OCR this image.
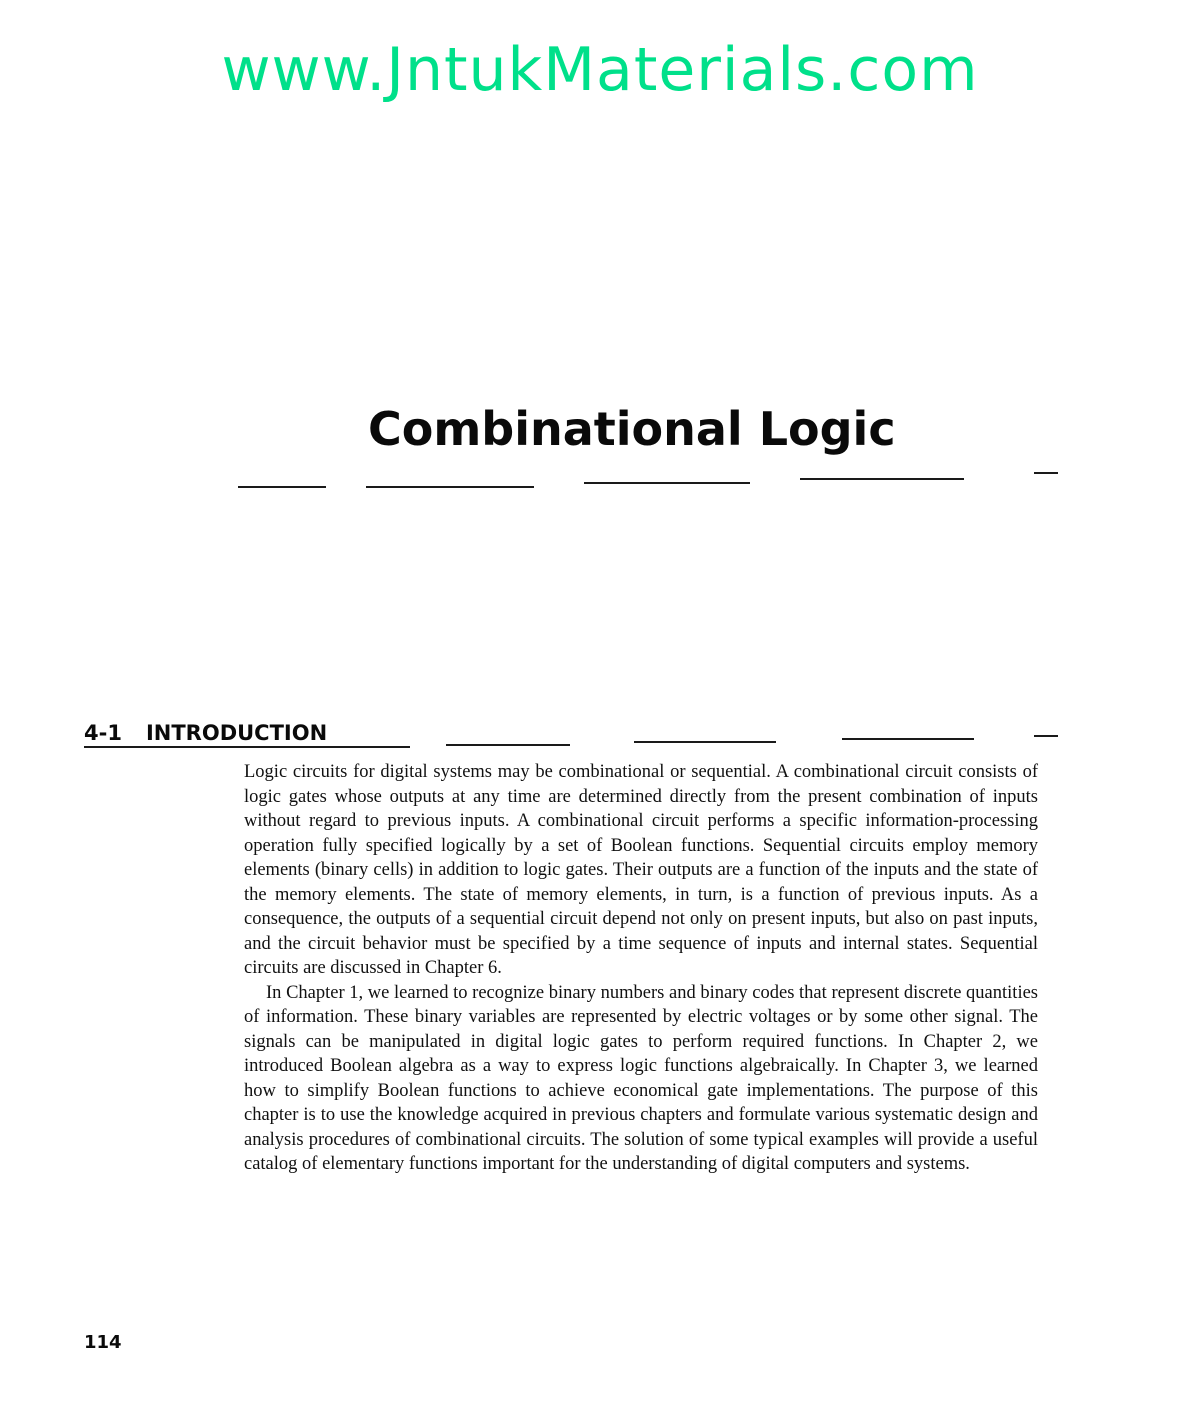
www.JntukMaterials.com
Combinational Logic
4-1 INTRODUCTION

Logic circuits for digital systems may be combinational or sequential. A combinational circuit consists of logic gates whose outputs at any time are determined directly from the present combination of inputs without regard to previous inputs. A combinational circuit performs a specific information-processing operation fully specified logically by a set of Boolean functions. Sequential circuits employ memory elements (binary cells) in addition to logic gates. Their outputs are a function of the inputs and the state of the memory elements. The state of memory elements, in turn, is a function of previous inputs. As a consequence, the outputs of a sequential circuit depend not only on present inputs, but also on past inputs, and the circuit behavior must be specified by a time sequence of inputs and internal states. Sequential circuits are discussed in Chapter 6.

In Chapter 1, we learned to recognize binary numbers and binary codes that represent discrete quantities of information. These binary variables are represented by electric voltages or by some other signal. The signals can be manipulated in digital logic gates to perform required functions. In Chapter 2, we introduced Boolean algebra as a way to express logic functions algebraically. In Chapter 3, we learned how to simplify Boolean functions to achieve economical gate implementations. The purpose of this chapter is to use the knowledge acquired in previous chapters and formulate various systematic design and analysis procedures of combinational circuits. The solution of some typical examples will provide a useful catalog of elementary functions important for the understanding of digital computers and systems.

114
